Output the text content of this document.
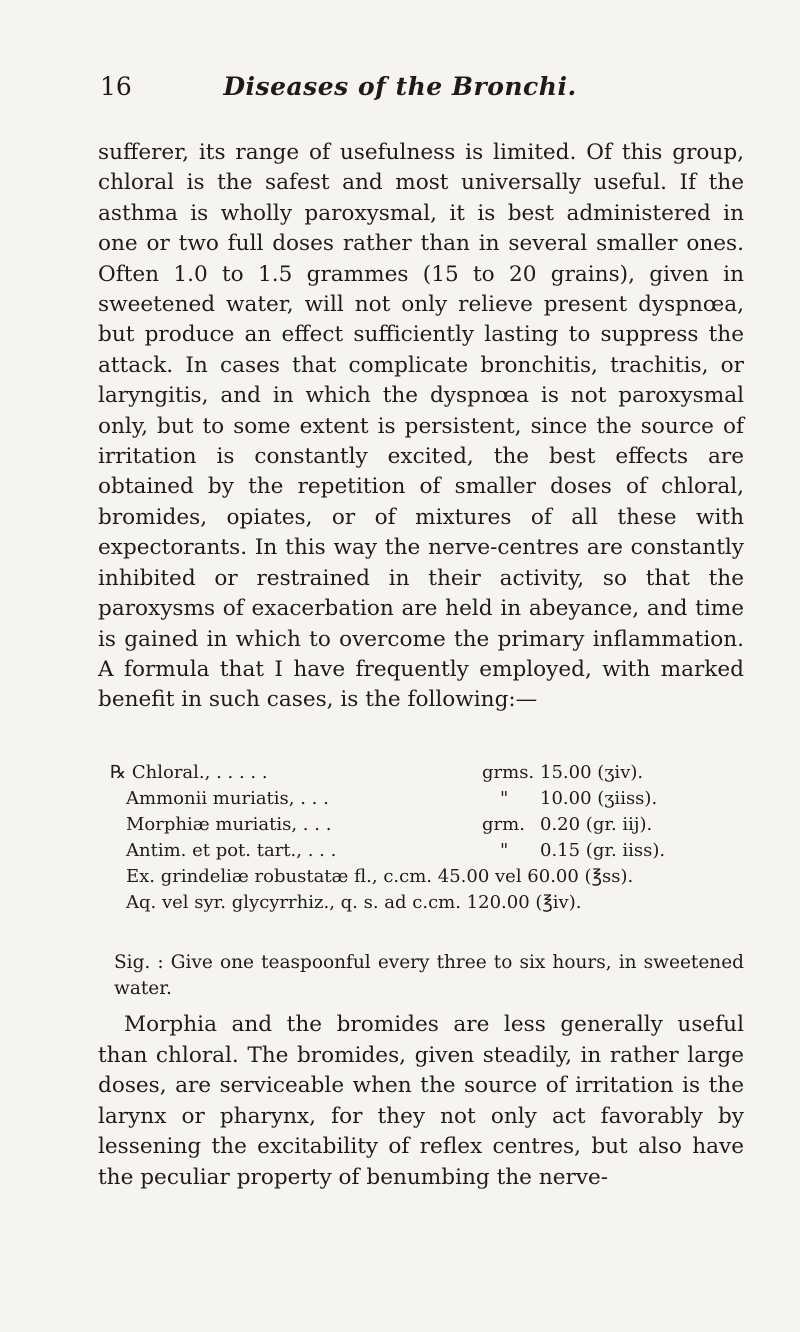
16	Diseases of the Bronchi.

sufferer, its range of usefulness is limited. Of this group, chloral is the safest and most universally useful. If the asthma is wholly paroxysmal, it is best administered in one or two full doses rather than in several smaller ones. Often 1.0 to 1.5 grammes (15 to 20 grains), given in sweetened water, will not only relieve present dyspnœa, but produce an effect sufficiently lasting to suppress the attack. In cases that complicate bronchitis, trachitis, or laryngitis, and in which the dyspnœa is not paroxysmal only, but to some extent is persistent, since the source of irritation is constantly excited, the best effects are obtained by the repetition of smaller doses of chloral, bromides, opiates, or of mixtures of all these with expectorants. In this way the nerve-centres are constantly inhibited or restrained in their activity, so that the paroxysms of exacerbation are held in abeyance, and time is gained in which to overcome the primary inflammation. A formula that I have frequently employed, with marked benefit in such cases, is the following:—

℞ Chloral., . . . . .	grms. 15.00 (ʒiv).
Ammonii muriatis, . . .	" 10.00 (ʒiiss).
Morphiæ muriatis, . . .	grm. 0.20 (gr. iij).
Antim. et pot. tart., . . .	" 0.15 (gr. iiss).
Ex. grindeliæ robustatæ fl., c.cm. 45.00 vel 60.00 (℥ss).
Aq. vel syr. glycyrrhiz., q. s. ad c.cm. 120.00 (℥iv).
Sig. : Give one teaspoonful every three to six hours, in sweetened water.

Morphia and the bromides are less generally useful than chloral. The bromides, given steadily, in rather large doses, are serviceable when the source of irritation is the larynx or pharynx, for they not only act favorably by lessening the excitability of reflex centres, but also have the peculiar property of benumbing the nerve-
